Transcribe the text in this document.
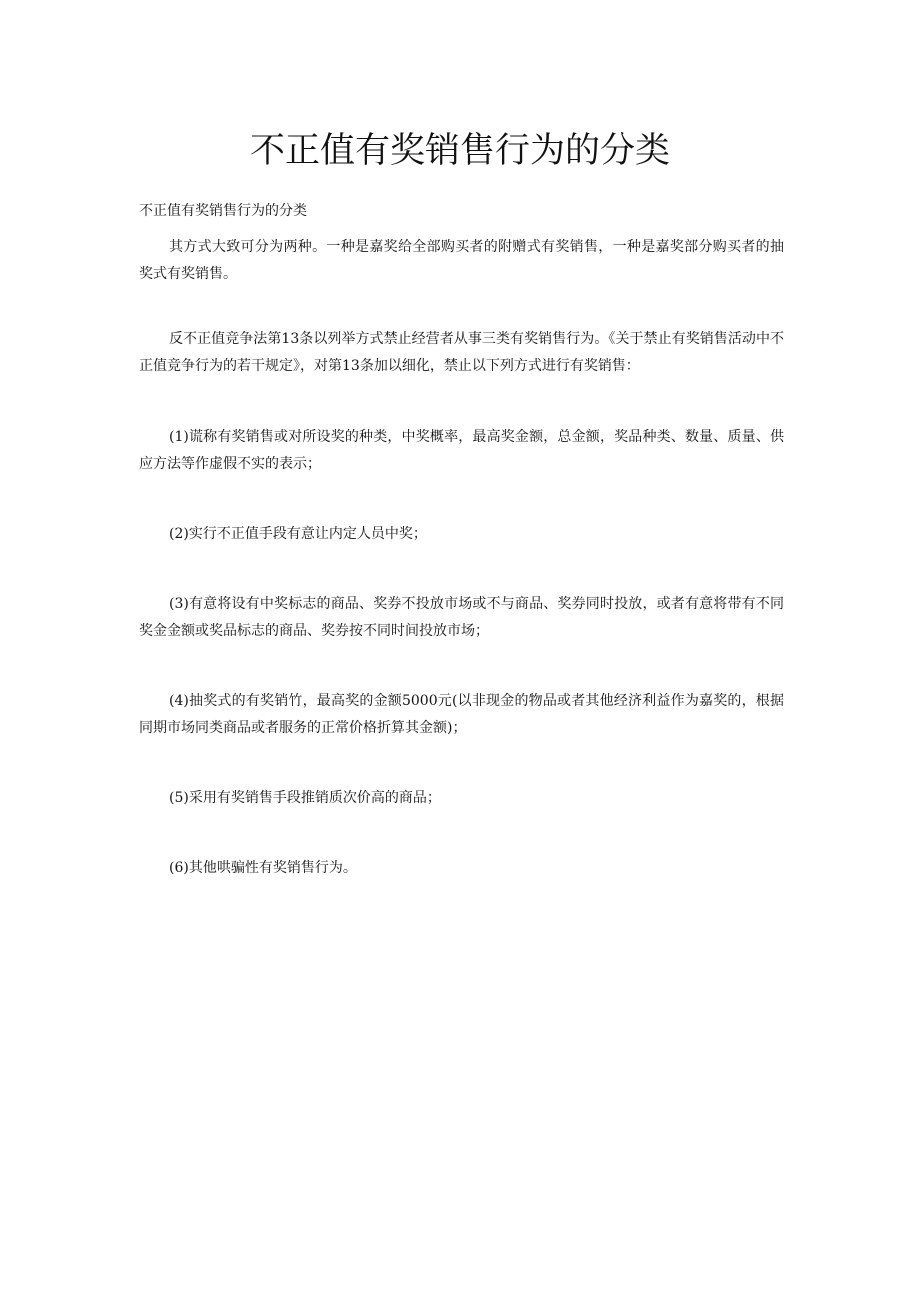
不正值有奖销售行为的分类

不正值有奖销售行为的分类

其方式大致可分为两种。一种是嘉奖给全部购买者的附赠式有奖销售，一种是嘉奖部分购买者的抽奖式有奖销售。

反不正值竞争法第13条以列举方式禁止经营者从事三类有奖销售行为。《关于禁止有奖销售活动中不正值竞争行为的若干规定》，对第13条加以细化，禁止以下列方式进行有奖销售：

(1)谎称有奖销售或对所设奖的种类，中奖概率，最高奖金额，总金额，奖品种类、数量、质量、供应方法等作虚假不实的表示；

(2)实行不正值手段有意让内定人员中奖；

(3)有意将设有中奖标志的商品、奖券不投放市场或不与商品、奖券同时投放，或者有意将带有不同奖金金额或奖品标志的商品、奖券按不同时间投放市场；

(4)抽奖式的有奖销竹，最高奖的金额5000元(以非现金的物品或者其他经济利益作为嘉奖的，根据同期市场同类商品或者服务的正常价格折算其金额)；

(5)采用有奖销售手段推销质次价高的商品；

(6)其他哄骗性有奖销售行为。
